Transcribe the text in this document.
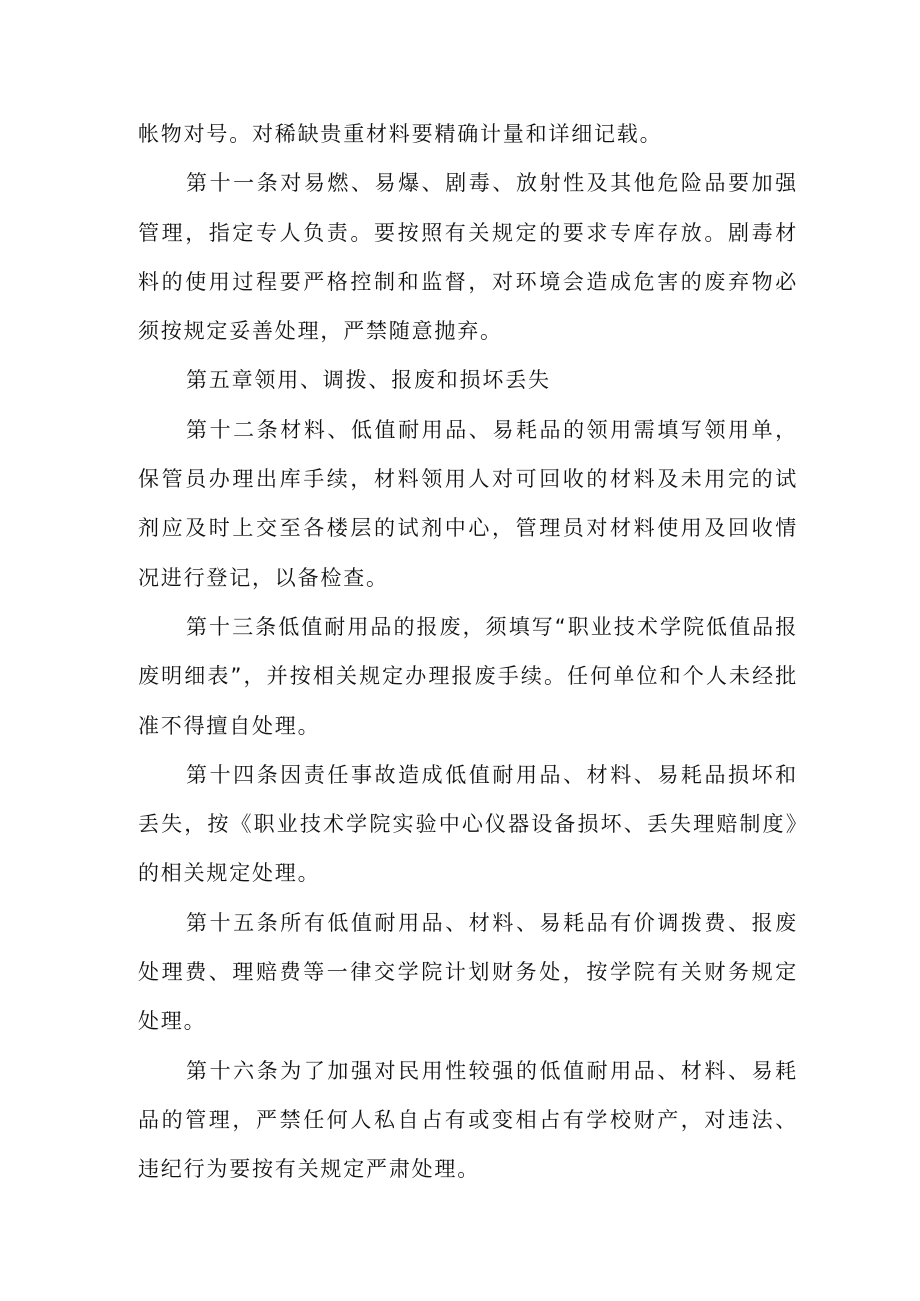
帐物对号。对稀缺贵重材料要精确计量和详细记载。

第十一条对易燃、易爆、剧毒、放射性及其他危险品要加强管理，指定专人负责。要按照有关规定的要求专库存放。剧毒材料的使用过程要严格控制和监督，对环境会造成危害的废弃物必须按规定妥善处理，严禁随意抛弃。

第五章领用、调拨、报废和损坏丢失

第十二条材料、低值耐用品、易耗品的领用需填写领用单，保管员办理出库手续，材料领用人对可回收的材料及未用完的试剂应及时上交至各楼层的试剂中心，管理员对材料使用及回收情况进行登记，以备检查。

第十三条低值耐用品的报废，须填写“职业技术学院低值品报废明细表”，并按相关规定办理报废手续。任何单位和个人未经批准不得擅自处理。

第十四条因责任事故造成低值耐用品、材料、易耗品损坏和丢失，按《职业技术学院实验中心仪器设备损坏、丢失理赔制度》的相关规定处理。

第十五条所有低值耐用品、材料、易耗品有价调拨费、报废处理费、理赔费等一律交学院计划财务处，按学院有关财务规定处理。

第十六条为了加强对民用性较强的低值耐用品、材料、易耗品的管理，严禁任何人私自占有或变相占有学校财产，对违法、违纪行为要按有关规定严肃处理。
